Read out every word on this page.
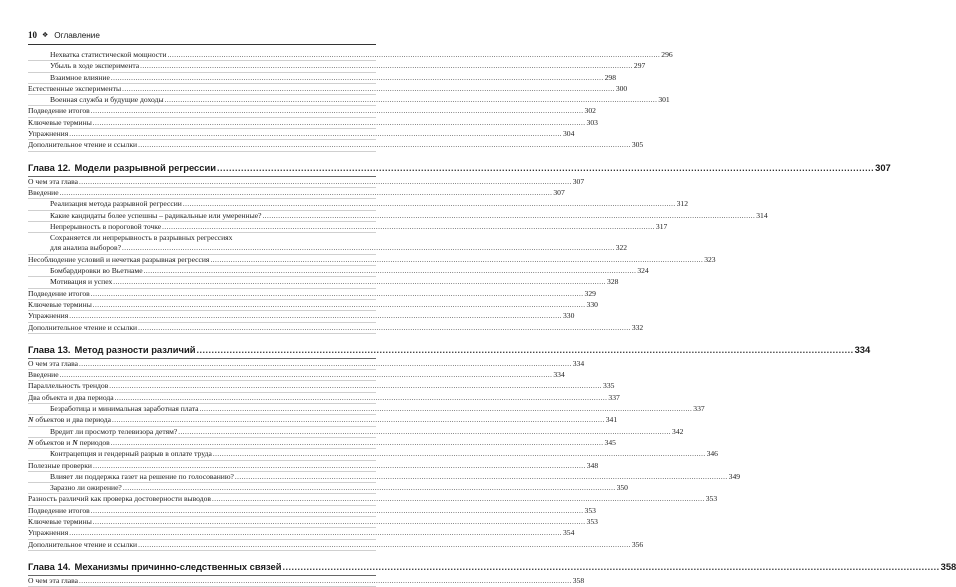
10 ❖ Оглавление
Нехватка статистической мощности .....	296
Убыль в ходе эксперимента .....	297
Взаимное влияние .....	298
Естественные эксперименты .....	300
Военная служба и будущие доходы .....	301
Подведение итогов .....	302
Ключевые термины .....	303
Упражнения .....	304
Дополнительное чтение и ссылки .....	305
Глава 12. Модели разрывной регрессии .....	307
О чем эта глава .....	307
Введение .....	307
Реализация метода разрывной регрессии .....	312
Какие кандидаты более успешны – радикальные или умеренные? .....	314
Непрерывность в пороговой точке .....	317
Сохраняется ли непрерывность в разрывных регрессиях
для анализа выборов? .....	322
Несоблюдение условий и нечеткая разрывная регрессия .....	323
Бомбардировки во Вьетнаме .....	324
Мотивация и успех .....	328
Подведение итогов .....	329
Ключевые термины .....	330
Упражнения .....	330
Дополнительное чтение и ссылки .....	332
Глава 13. Метод разности различий .....	334
О чем эта глава .....	334
Введение .....	334
Параллельность трендов .....	335
Два объекта и два периода .....	337
Безработица и минимальная заработная плата .....	337
N объектов и два периода .....	341
Вредит ли просмотр телевизора детям? .....	342
N объектов и N периодов .....	345
Контрацепция и гендерный разрыв в оплате труда .....	346
Полезные проверки .....	348
Влияет ли поддержка газет на решение по голосованию? .....	349
Заразно ли ожирение? .....	350
Разность различий как проверка достоверности выводов .....	353
Подведение итогов .....	353
Ключевые термины .....	353
Упражнения .....	354
Дополнительное чтение и ссылки .....	356
Глава 14. Механизмы причинно-следственных связей .....	358
О чем эта глава .....	358
